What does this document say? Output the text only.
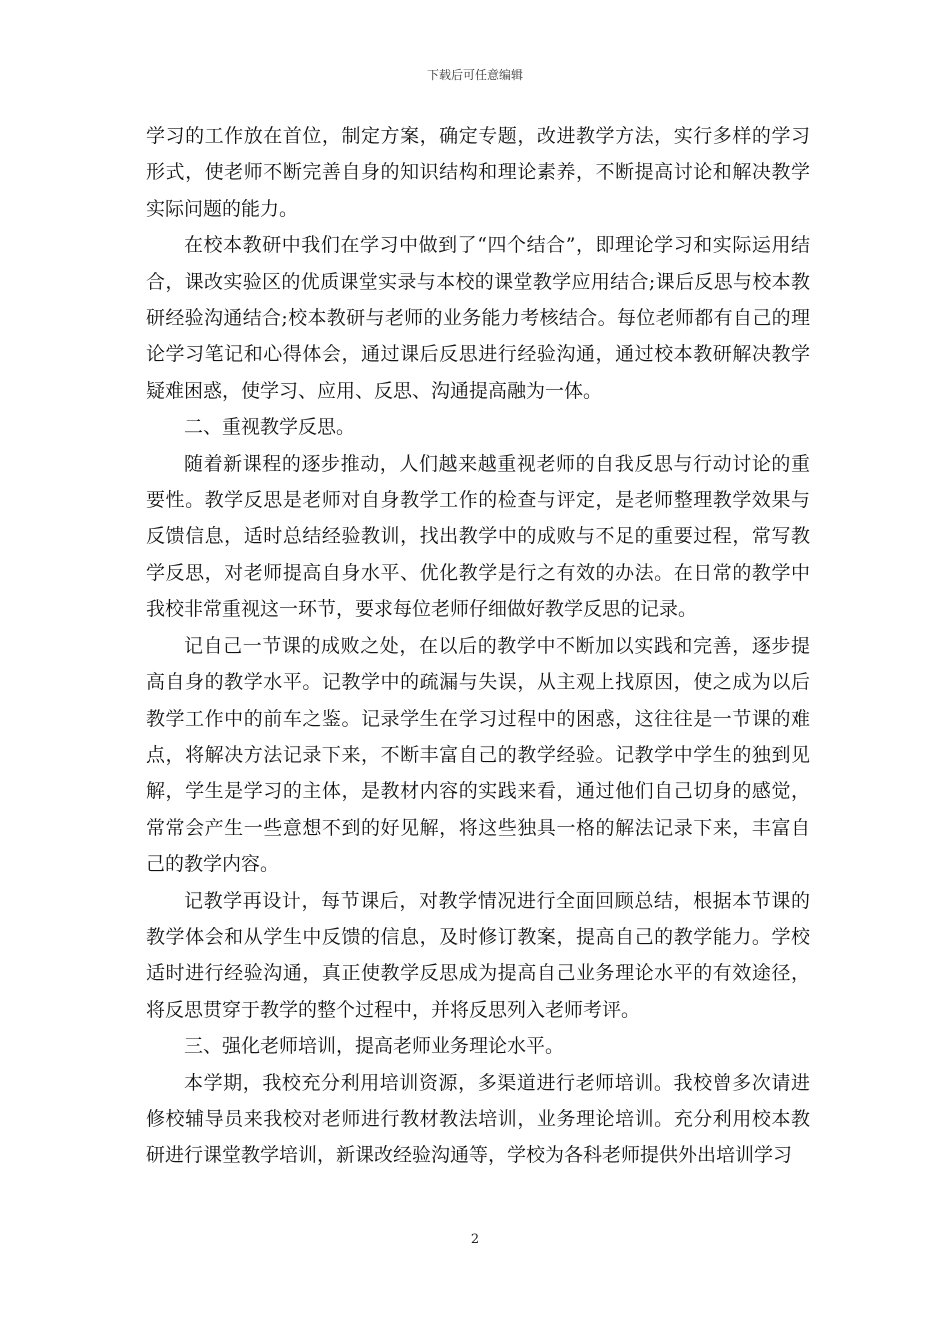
下载后可任意编辑

学习的工作放在首位，制定方案，确定专题，改进教学方法，实行多样的学习形式，使老师不断完善自身的知识结构和理论素养，不断提高讨论和解决教学实际问题的能力。

在校本教研中我们在学习中做到了“四个结合”，即理论学习和实际运用结合，课改实验区的优质课堂实录与本校的课堂教学应用结合;课后反思与校本教研经验沟通结合;校本教研与老师的业务能力考核结合。每位老师都有自己的理论学习笔记和心得体会，通过课后反思进行经验沟通，通过校本教研解决教学疑难困惑，使学习、应用、反思、沟通提高融为一体。

二、重视教学反思。

随着新课程的逐步推动，人们越来越重视老师的自我反思与行动讨论的重要性。教学反思是老师对自身教学工作的检查与评定，是老师整理教学效果与反馈信息，适时总结经验教训，找出教学中的成败与不足的重要过程，常写教学反思，对老师提高自身水平、优化教学是行之有效的办法。在日常的教学中我校非常重视这一环节，要求每位老师仔细做好教学反思的记录。

记自己一节课的成败之处，在以后的教学中不断加以实践和完善，逐步提高自身的教学水平。记教学中的疏漏与失误，从主观上找原因，使之成为以后教学工作中的前车之鉴。记录学生在学习过程中的困惑，这往往是一节课的难点，将解决方法记录下来，不断丰富自己的教学经验。记教学中学生的独到见解，学生是学习的主体，是教材内容的实践来看，通过他们自己切身的感觉，常常会产生一些意想不到的好见解，将这些独具一格的解法记录下来，丰富自己的教学内容。

记教学再设计，每节课后，对教学情况进行全面回顾总结，根据本节课的教学体会和从学生中反馈的信息，及时修订教案，提高自己的教学能力。学校适时进行经验沟通，真正使教学反思成为提高自己业务理论水平的有效途径，将反思贯穿于教学的整个过程中，并将反思列入老师考评。

三、强化老师培训，提高老师业务理论水平。

本学期，我校充分利用培训资源，多渠道进行老师培训。我校曾多次请进修校辅导员来我校对老师进行教材教法培训，业务理论培训。充分利用校本教研进行课堂教学培训，新课改经验沟通等，学校为各科老师提供外出培训学习

2
